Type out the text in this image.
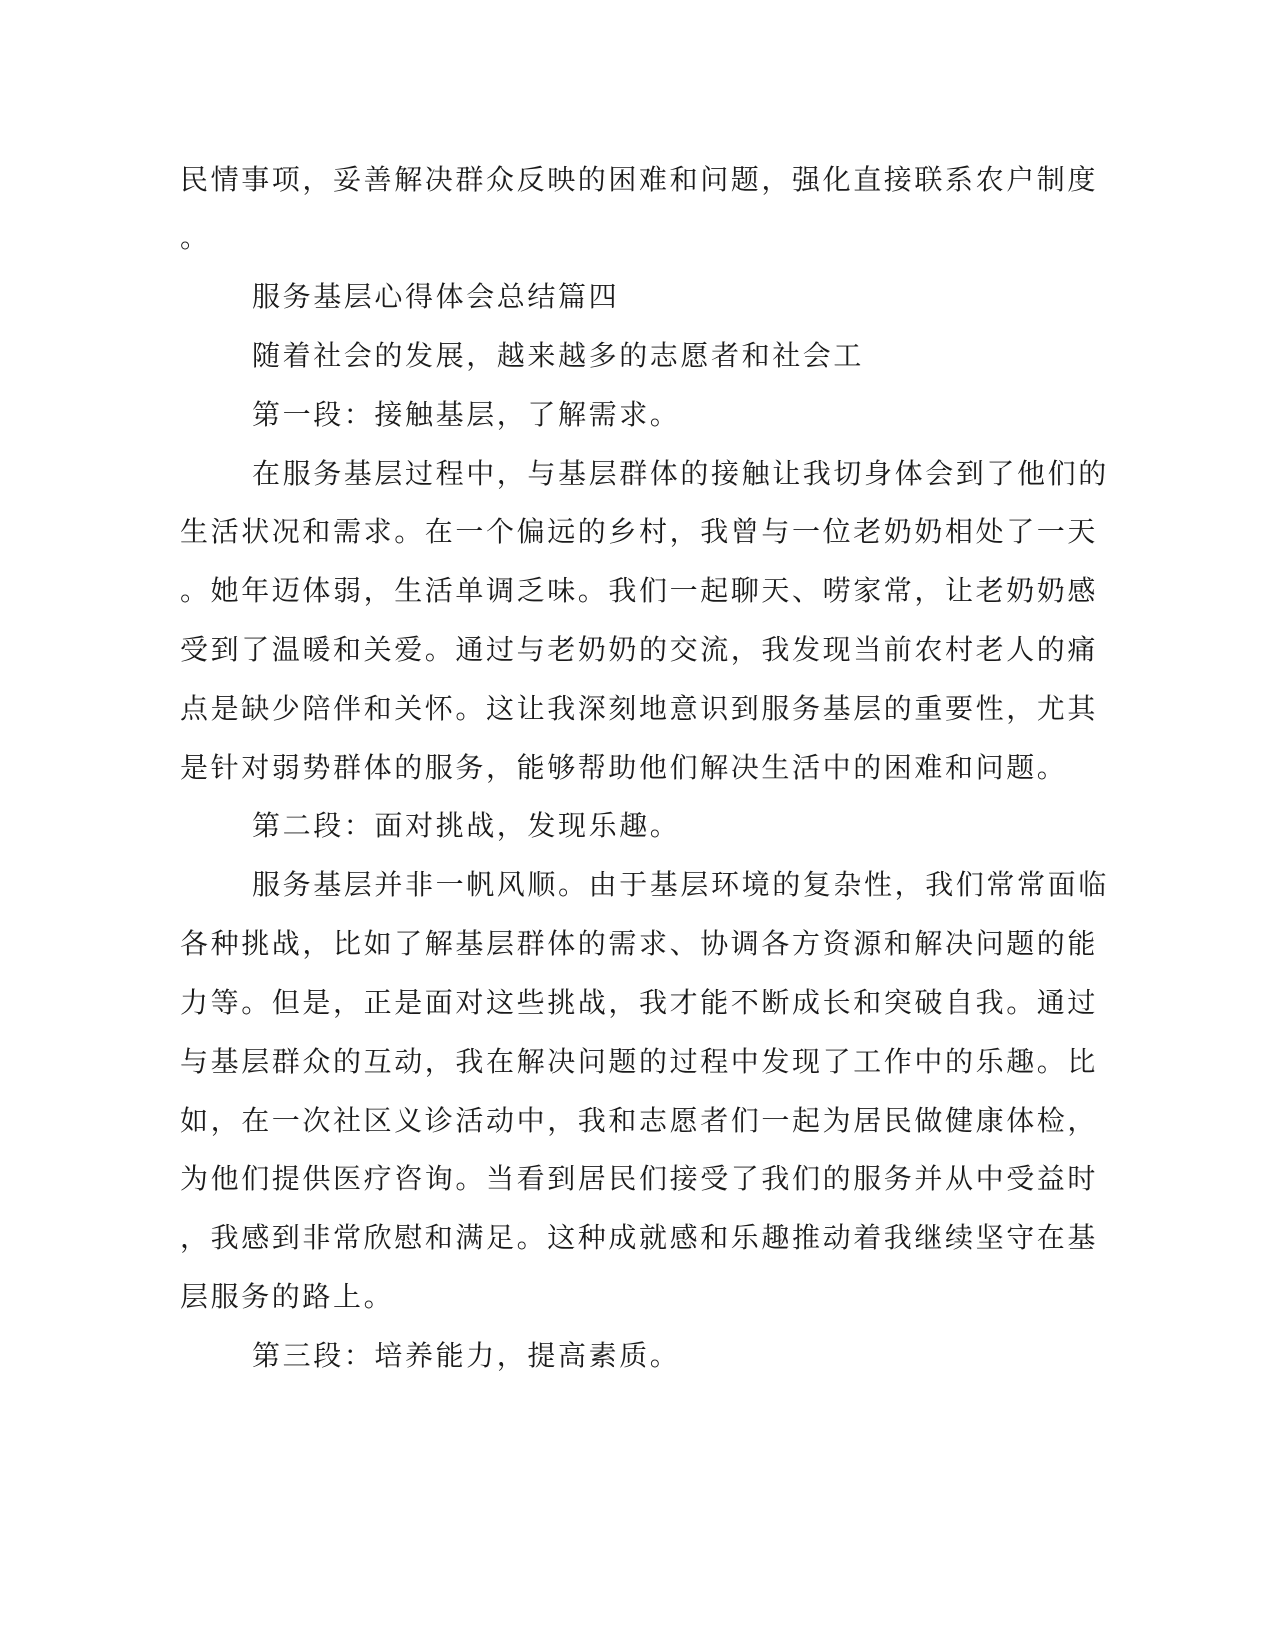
民情事项，妥善解决群众反映的困难和问题，强化直接联系农户制度
。
服务基层心得体会总结篇四
随着社会的发展，越来越多的志愿者和社会工
第一段：接触基层，了解需求。
在服务基层过程中，与基层群体的接触让我切身体会到了他们的
生活状况和需求。在一个偏远的乡村，我曾与一位老奶奶相处了一天
。她年迈体弱，生活单调乏味。我们一起聊天、唠家常，让老奶奶感
受到了温暖和关爱。通过与老奶奶的交流，我发现当前农村老人的痛
点是缺少陪伴和关怀。这让我深刻地意识到服务基层的重要性，尤其
是针对弱势群体的服务，能够帮助他们解决生活中的困难和问题。
第二段：面对挑战，发现乐趣。
服务基层并非一帆风顺。由于基层环境的复杂性，我们常常面临
各种挑战，比如了解基层群体的需求、协调各方资源和解决问题的能
力等。但是，正是面对这些挑战，我才能不断成长和突破自我。通过
与基层群众的互动，我在解决问题的过程中发现了工作中的乐趣。比
如，在一次社区义诊活动中，我和志愿者们一起为居民做健康体检，
为他们提供医疗咨询。当看到居民们接受了我们的服务并从中受益时
，我感到非常欣慰和满足。这种成就感和乐趣推动着我继续坚守在基
层服务的路上。
第三段：培养能力，提高素质。
